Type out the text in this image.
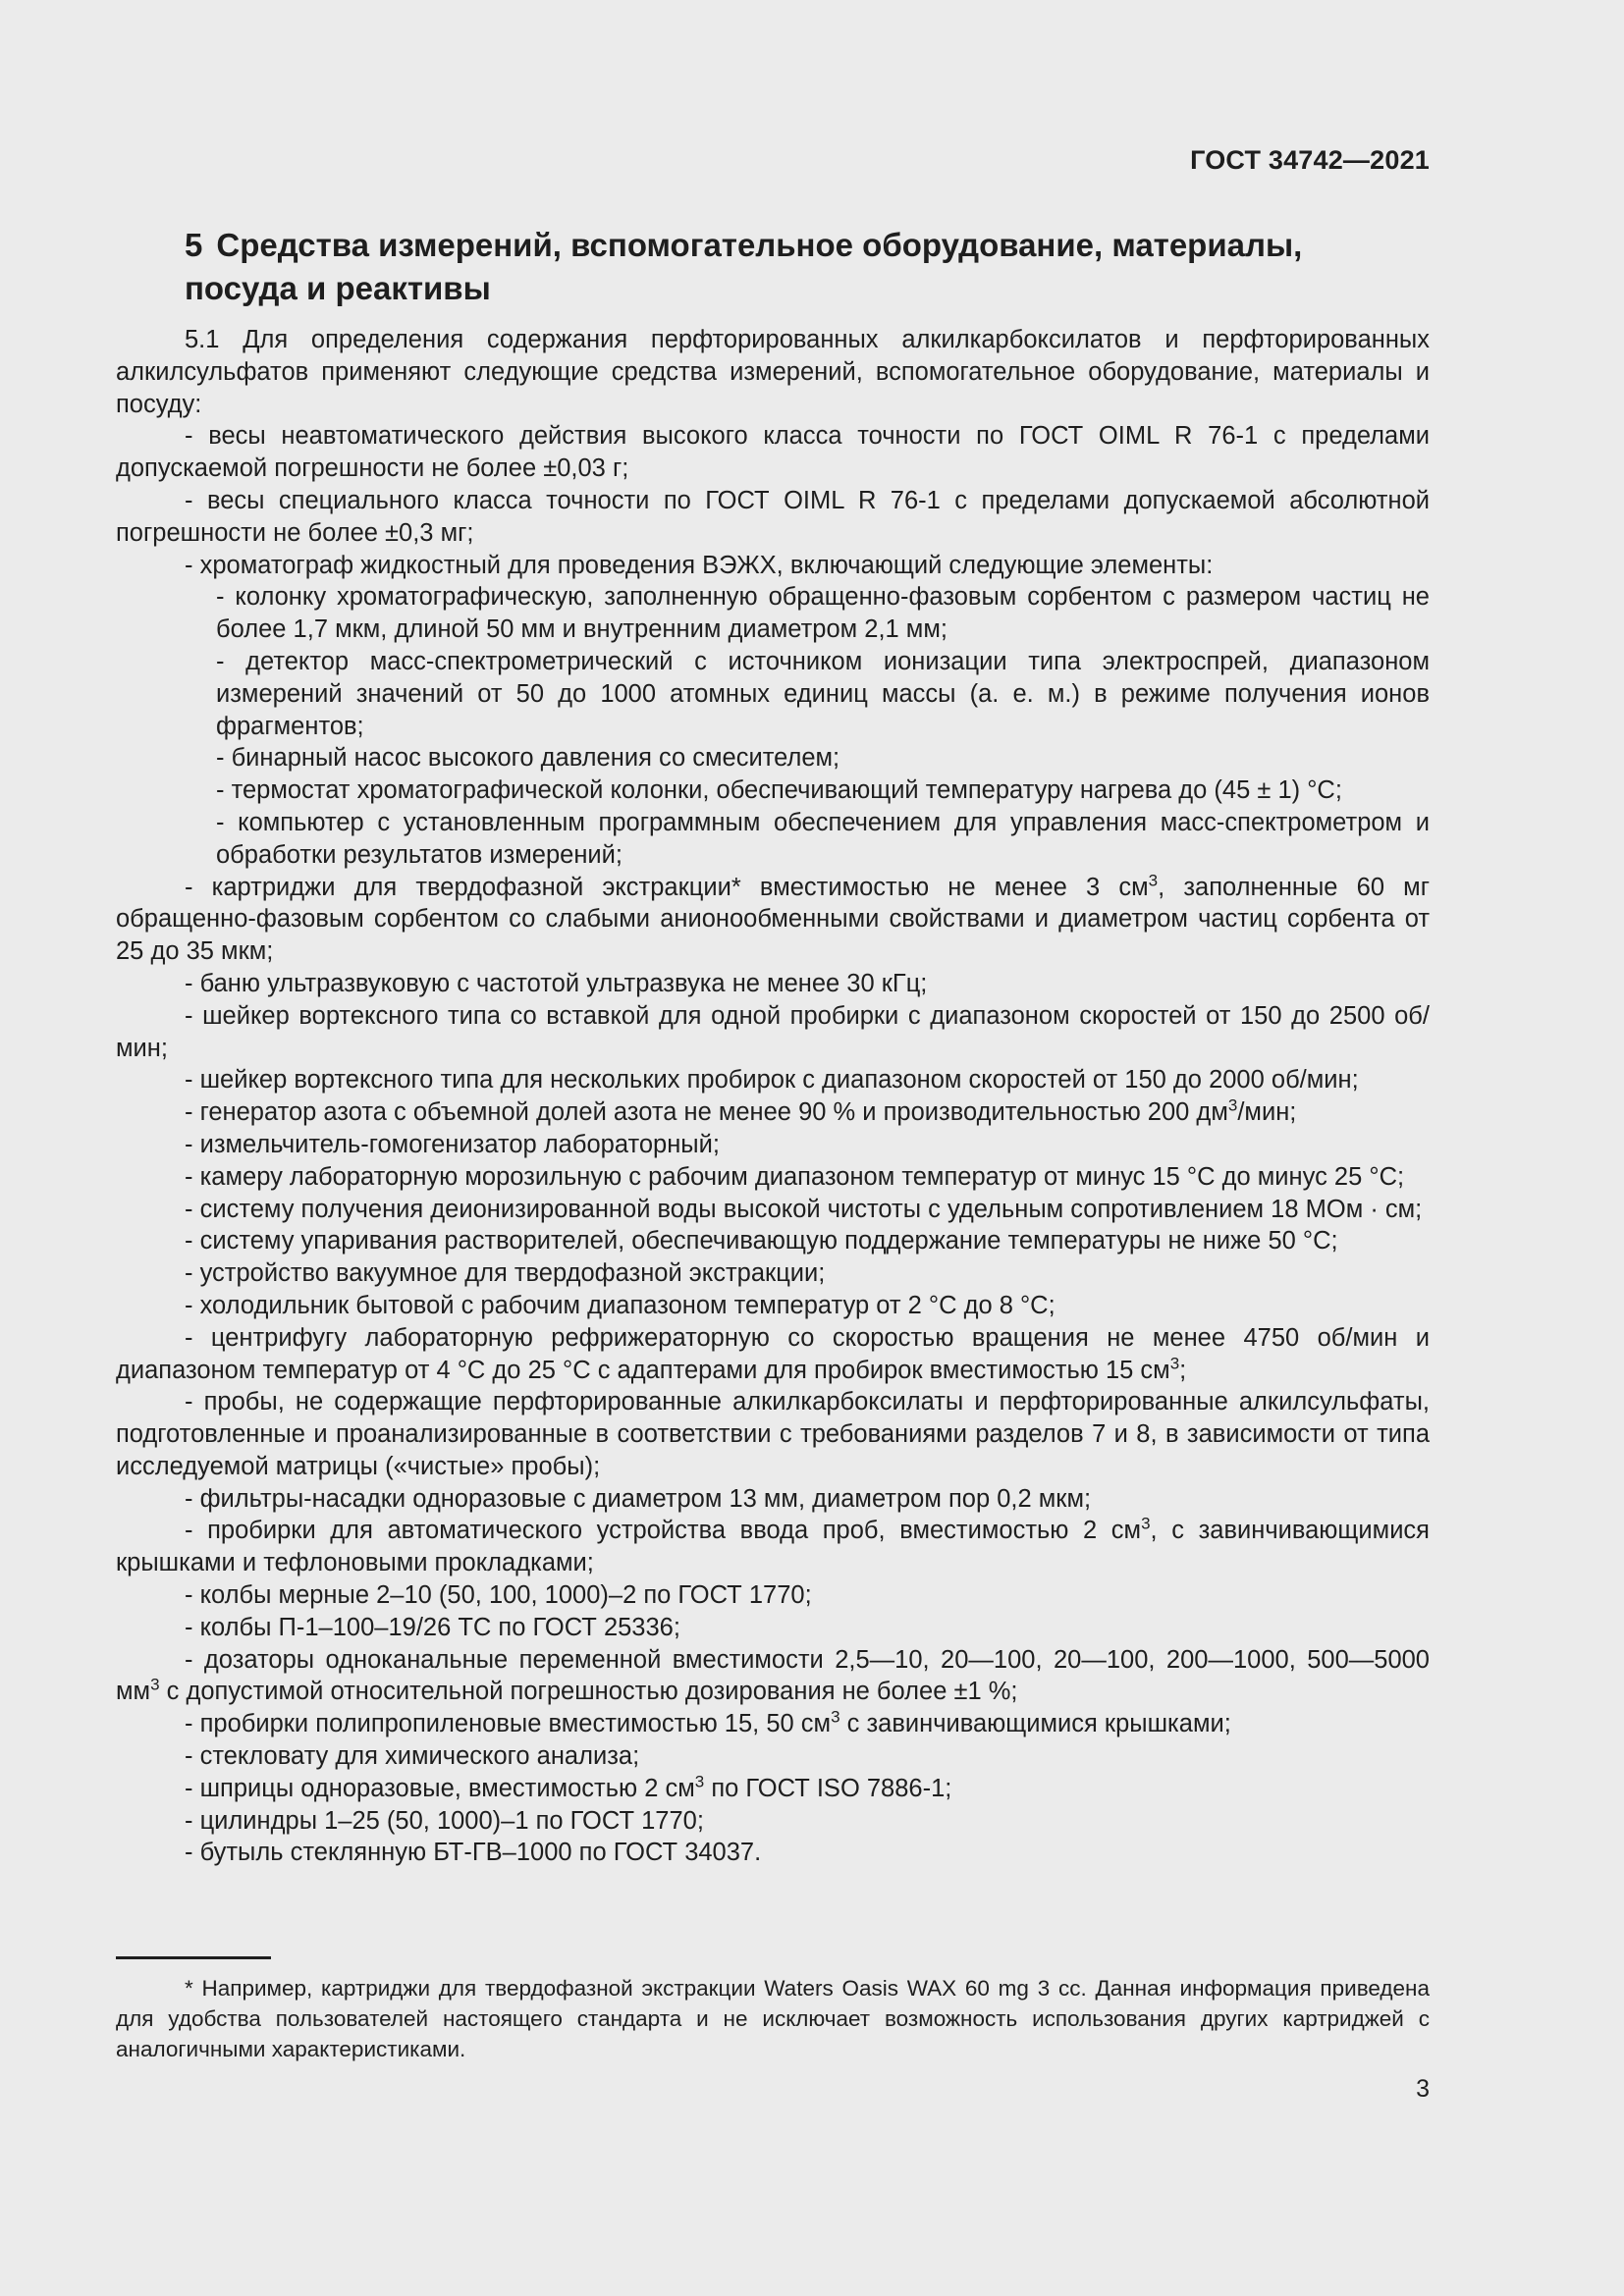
ГОСТ 34742—2021
5 Средства измерений, вспомогательное оборудование, материалы,
посуда и реактивы

5.1 Для определения содержания перфторированных алкилкарбоксилатов и перфторированных алкилсульфатов применяют следующие средства измерений, вспомогательное оборудование, материалы и посуду:

- весы неавтоматического действия высокого класса точности по ГОСТ OIML R 76-1 с пределами допускаемой погрешности не более ±0,03 г;

- весы специального класса точности по ГОСТ OIML R 76-1 с пределами допускаемой абсолютной погрешности не более ±0,3 мг;

- хроматограф жидкостный для проведения ВЭЖХ, включающий следующие элементы:

- колонку хроматографическую, заполненную обращенно-фазовым сорбентом с размером частиц не более 1,7 мкм, длиной 50 мм и внутренним диаметром 2,1 мм;

- детектор масс-спектрометрический с источником ионизации типа электроспрей, диапазоном измерений значений от 50 до 1000 атомных единиц массы (а. е. м.) в режиме получения ионов фрагментов;

- бинарный насос высокого давления со смесителем;

- термостат хроматографической колонки, обеспечивающий температуру нагрева до (45 ± 1) °С;

- компьютер с установленным программным обеспечением для управления масс-спектрометром и обработки результатов измерений;

- картриджи для твердофазной экстракции* вместимостью не менее 3 $см^3$, заполненные 60 мг обращенно-фазовым сорбентом со слабыми анионообменными свойствами и диаметром частиц сорбента от 25 до 35 мкм;

- баню ультразвуковую с частотой ультразвука не менее 30 кГц;

- шейкер вортексного типа со вставкой для одной пробирки с диапазоном скоростей от 150 до 2500 об/мин;

- шейкер вортексного типа для нескольких пробирок с диапазоном скоростей от 150 до 2000 об/мин;

- генератор азота с объемной долей азота не менее 90 % и производительностью 200 $дм^3$/мин;

- измельчитель-гомогенизатор лабораторный;

- камеру лабораторную морозильную с рабочим диапазоном температур от минус 15 °С до минус 25 °С;

- систему получения деионизированной воды высокой чистоты с удельным сопротивлением 18 МОм · см;

- систему упаривания растворителей, обеспечивающую поддержание температуры не ниже 50 °С;

- устройство вакуумное для твердофазной экстракции;

- холодильник бытовой с рабочим диапазоном температур от 2 °С до 8 °С;

- центрифугу лабораторную рефрижераторную со скоростью вращения не менее 4750 об/мин и диапазоном температур от 4 °С до 25 °С с адаптерами для пробирок вместимостью 15 $см^3$;

- пробы, не содержащие перфторированные алкилкарбоксилаты и перфторированные алкилсульфаты, подготовленные и проанализированные в соответствии с требованиями разделов 7 и 8, в зависимости от типа исследуемой матрицы («чистые» пробы);

- фильтры-насадки одноразовые с диаметром 13 мм, диаметром пор 0,2 мкм;

- пробирки для автоматического устройства ввода проб, вместимостью 2 $см^3$, с завинчивающимися крышками и тефлоновыми прокладками;

- колбы мерные 2–10 (50, 100, 1000)–2 по ГОСТ 1770;

- колбы П-1–100–19/26 ТС по ГОСТ 25336;

- дозаторы одноканальные переменной вместимости 2,5—10, 20—100, 20—100, 200—1000, 500—5000 $мм^3$ с допустимой относительной погрешностью дозирования не более ±1 %;

- пробирки полипропиленовые вместимостью 15, 50 $см^3$ с завинчивающимися крышками;

- стекловату для химического анализа;

- шприцы одноразовые, вместимостью 2 $см^3$ по ГОСТ ISO 7886-1;

- цилиндры 1–25 (50, 1000)–1 по ГОСТ 1770;

- бутыль стеклянную БТ-ГВ–1000 по ГОСТ 34037.

* Например, картриджи для твердофазной экстракции Waters Oasis WAX 60 mg 3 cc. Данная информация приведена для удобства пользователей настоящего стандарта и не исключает возможность использования других картриджей с аналогичными характеристиками.

3
